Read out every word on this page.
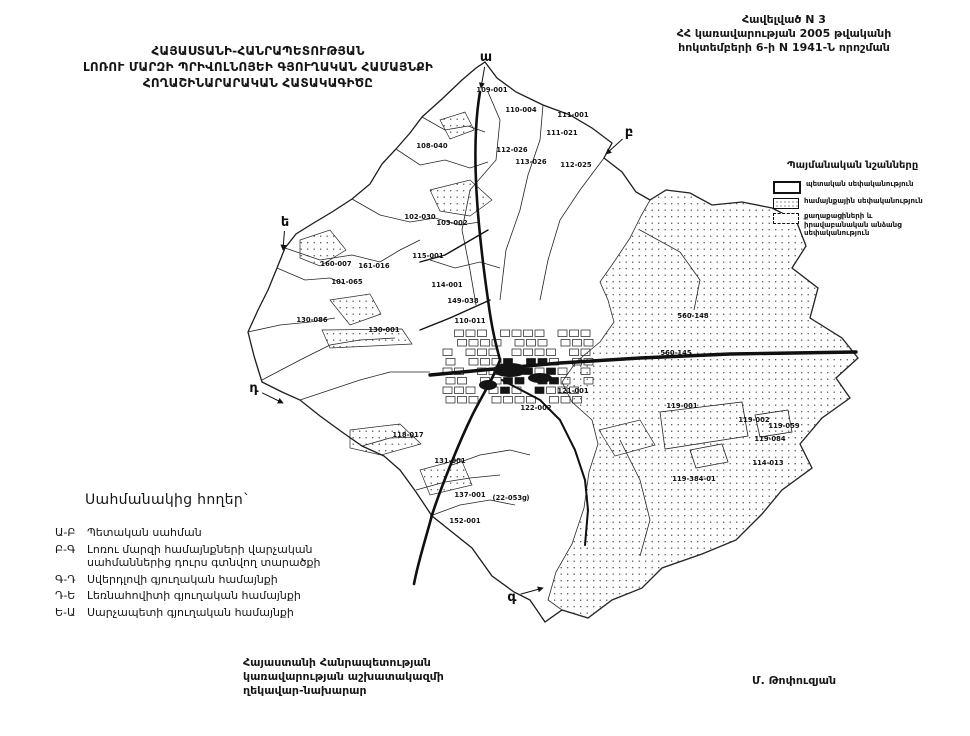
109-001
110-004
111-001
111-021
108-040	112-026
113-026 112-025
102-030
103-002
115-001
160-007 161-016
101-065	114-001
149-038
130-086	110-011
130-001
121-001
122-002
560-148
560-145
119-001
119-002
119-059
119-084
114-013
119-384-01
(22-053ց)
118-017
131-001
137-001
152-001
ա
բ
գ
դ
ե
Հավելված N 3
ՀՀ կառավարության 2005 թվականի
հոկտեմբերի 6-ի N 1941-Ն որոշման
ՀԱՅԱՍՏԱՆԻ-ՀԱՆՐԱՊԵՏՈՒԹՅԱՆ
ԼՈՌՈՒ ՄԱՐԶԻ ՊՐԻՎՈԼՆՈՅԵԻ ԳՅՈՒՂԱԿԱՆ ՀԱՄԱՅՆՔԻ
ՀՈՂԱՇԻՆԱՐԱՐԱԿԱՆ ՀԱՏԱԿԱԳԻԾԸ
Պայմանական նշանները
պետական սեփականություն
համայնքային սեփականություն
քաղաքացիների և իրավաբանական անձանց սեփականություն
Սահմանակից հողեր`
Ա-Բ	Պետական սահման
Բ-Գ	Լոռու մարզի համայնքների վարչական սահմաններից դուրս գտնվող տարածքի
Գ-Դ	Սվերդլովի գյուղական համայնքի
Դ-Ե	Լեռնահովիտի գյուղական համայնքի
Ե-Ա	Սարչապետի գյուղական համայնքի
Հայաստանի Հանրապետության
կառավարության աշխատակազմի
ղեկավար-նախարար
Մ. Թոփուզյան
